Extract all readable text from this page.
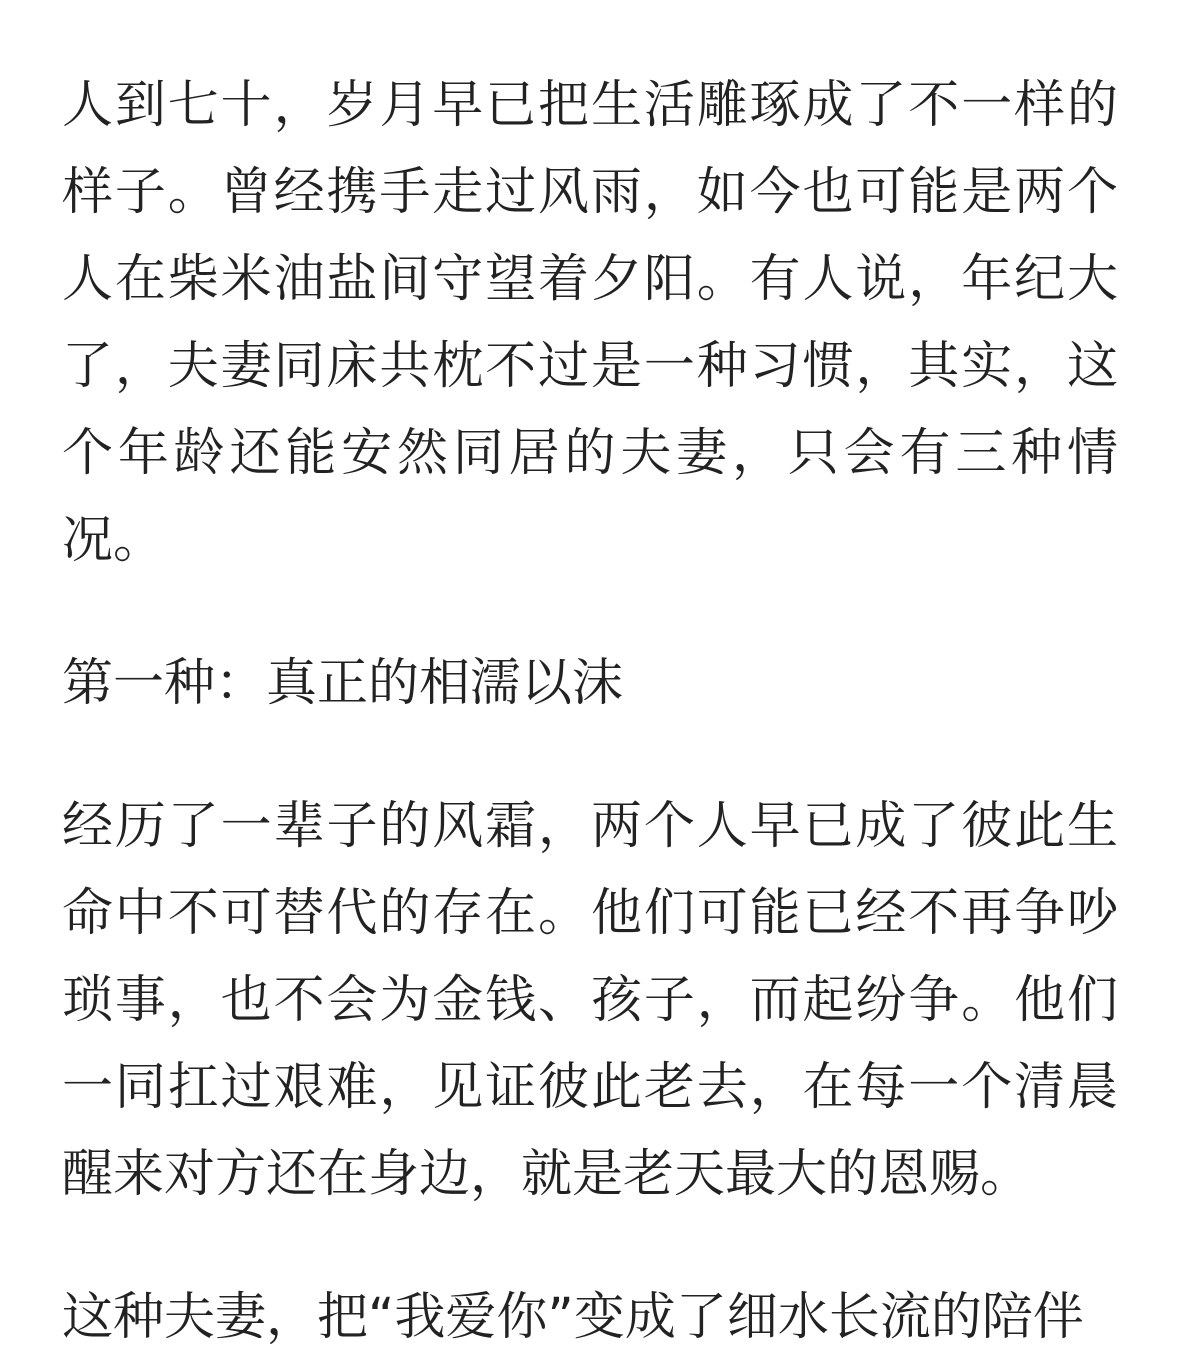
人到七十，岁月早已把生活雕琢成了不一样的样子。曾经携手走过风雨，如今也可能是两个人在柴米油盐间守望着夕阳。有人说，年纪大了，夫妻同床共枕不过是一种习惯，其实，这个年龄还能安然同居的夫妻，只会有三种情况。

第一种：真正的相濡以沫

经历了一辈子的风霜，两个人早已成了彼此生命中不可替代的存在。他们可能已经不再争吵琐事，也不会为金钱、孩子，而起纷争。他们一同扛过艰难，见证彼此老去，在每一个清晨醒来对方还在身边，就是老天最大的恩赐。

这种夫妻，把“我爱你”变成了细水长流的陪伴
